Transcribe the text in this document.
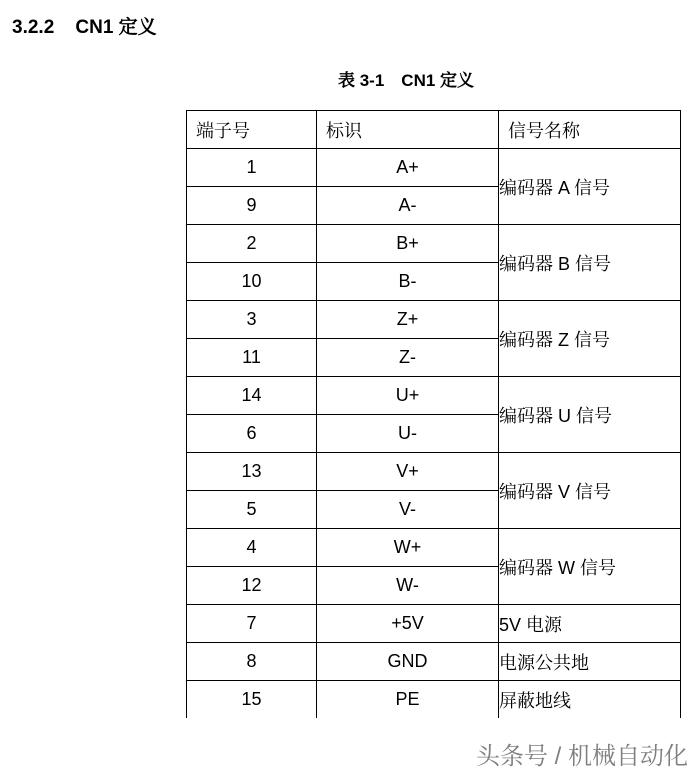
3.2.2 CN1 定义
表 3-1　CN1 定义
端子号	标识	信号名称
1	A+	编码器 A 信号
9	A-	
2	B+	编码器 B 信号
10	B-	
3	Z+	编码器 Z 信号
11	Z-	
14	U+	编码器 U 信号
6	U-	
13	V+	编码器 V 信号
5	V-	
4	W+	编码器 W 信号
12	W-	
7	+5V	5V 电源
8	GND	电源公共地
15	PE	屏蔽地线
头条号 / 机械自动化
